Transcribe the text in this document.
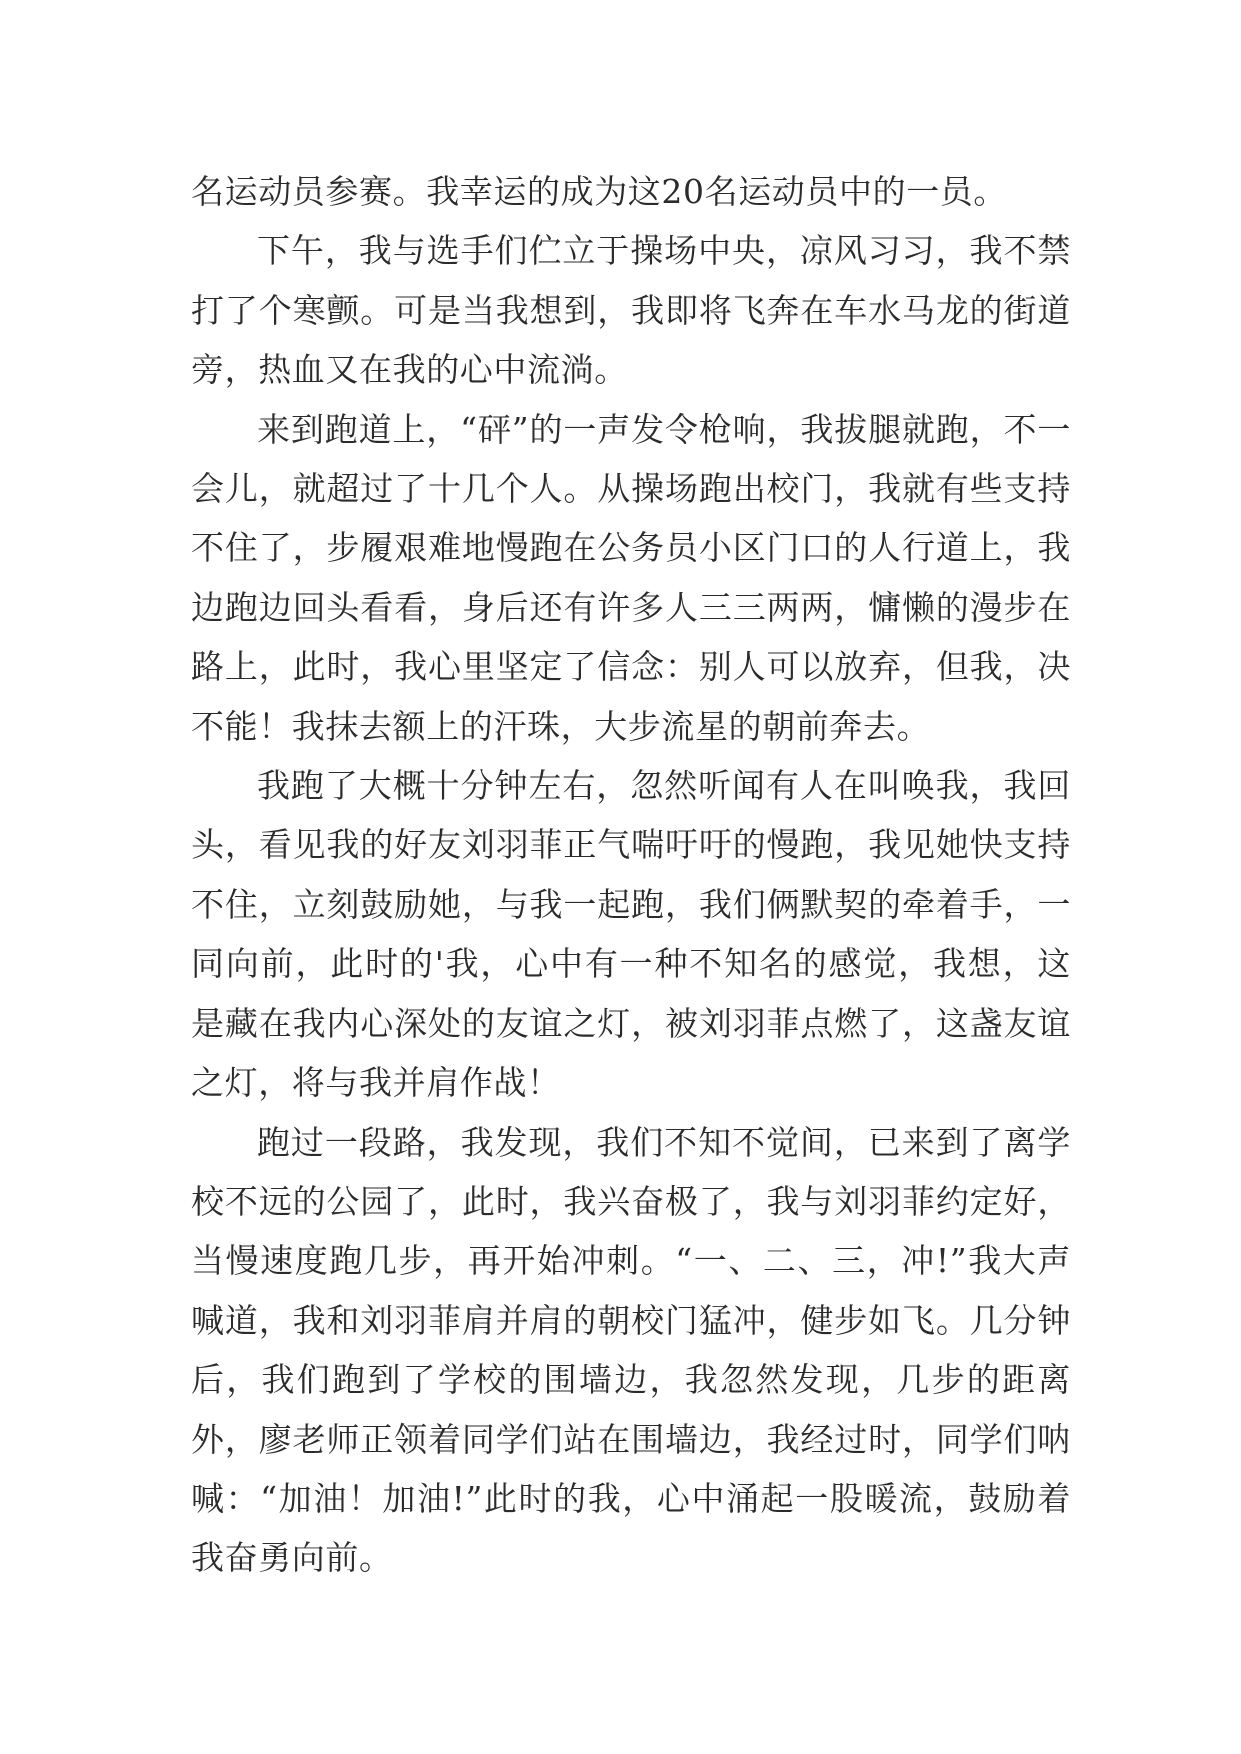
名运动员参赛。我幸运的成为这20名运动员中的一员。

下午，我与选手们伫立于操场中央，凉风习习，我不禁打了个寒颤。可是当我想到，我即将飞奔在车水马龙的街道旁，热血又在我的心中流淌。

来到跑道上，“砰”的一声发令枪响，我拔腿就跑，不一会儿，就超过了十几个人。从操场跑出校门，我就有些支持不住了，步履艰难地慢跑在公务员小区门口的人行道上，我边跑边回头看看，身后还有许多人三三两两，慵懒的漫步在路上，此时，我心里坚定了信念：别人可以放弃，但我，决不能！我抹去额上的汗珠，大步流星的朝前奔去。

我跑了大概十分钟左右，忽然听闻有人在叫唤我，我回头，看见我的好友刘羽菲正气喘吁吁的慢跑，我见她快支持不住，立刻鼓励她，与我一起跑，我们俩默契的牵着手，一同向前，此时的'我，心中有一种不知名的感觉，我想，这是藏在我内心深处的友谊之灯，被刘羽菲点燃了，这盏友谊之灯，将与我并肩作战！

跑过一段路，我发现，我们不知不觉间，已来到了离学校不远的公园了，此时，我兴奋极了，我与刘羽菲约定好，当慢速度跑几步，再开始冲刺。“一、二、三，冲!”我大声喊道，我和刘羽菲肩并肩的朝校门猛冲，健步如飞。几分钟后，我们跑到了学校的围墙边，我忽然发现，几步的距离外，廖老师正领着同学们站在围墙边，我经过时，同学们呐喊：“加油！加油!”此时的我，心中涌起一股暖流，鼓励着我奋勇向前。
